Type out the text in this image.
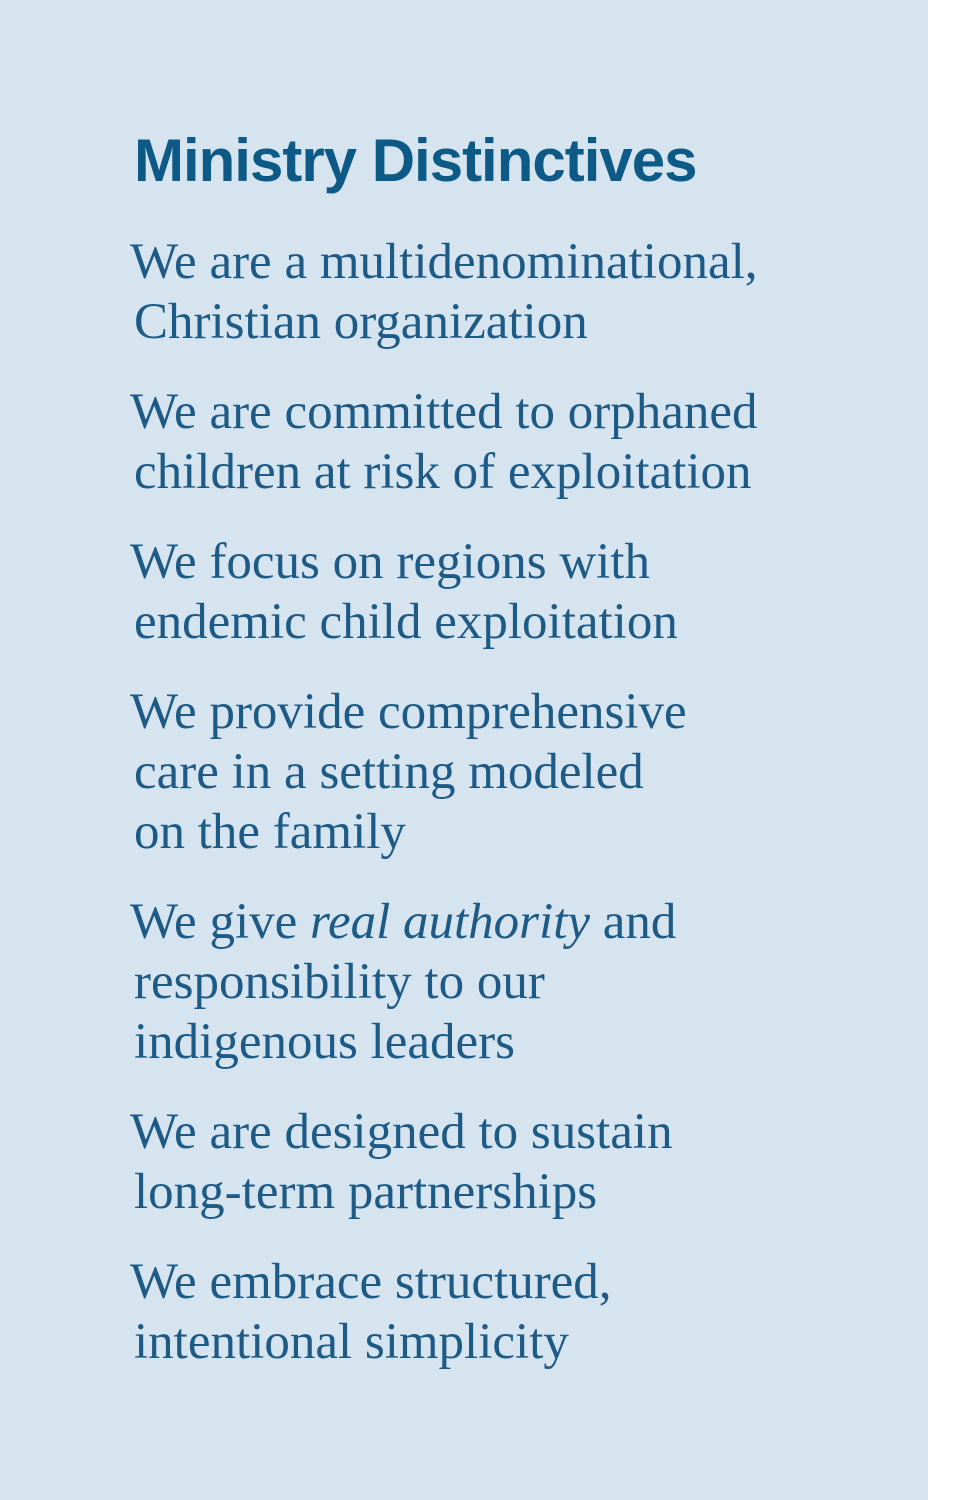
Ministry Distinctives

We are a multidenominational,
Christian organization

We are committed to orphaned
children at risk of exploitation

We focus on regions with
endemic child exploitation

We provide comprehensive
care in a setting modeled
on the family

We give real authority and
responsibility to our
indigenous leaders

We are designed to sustain
long-term partnerships

We embrace structured,
intentional simplicity
